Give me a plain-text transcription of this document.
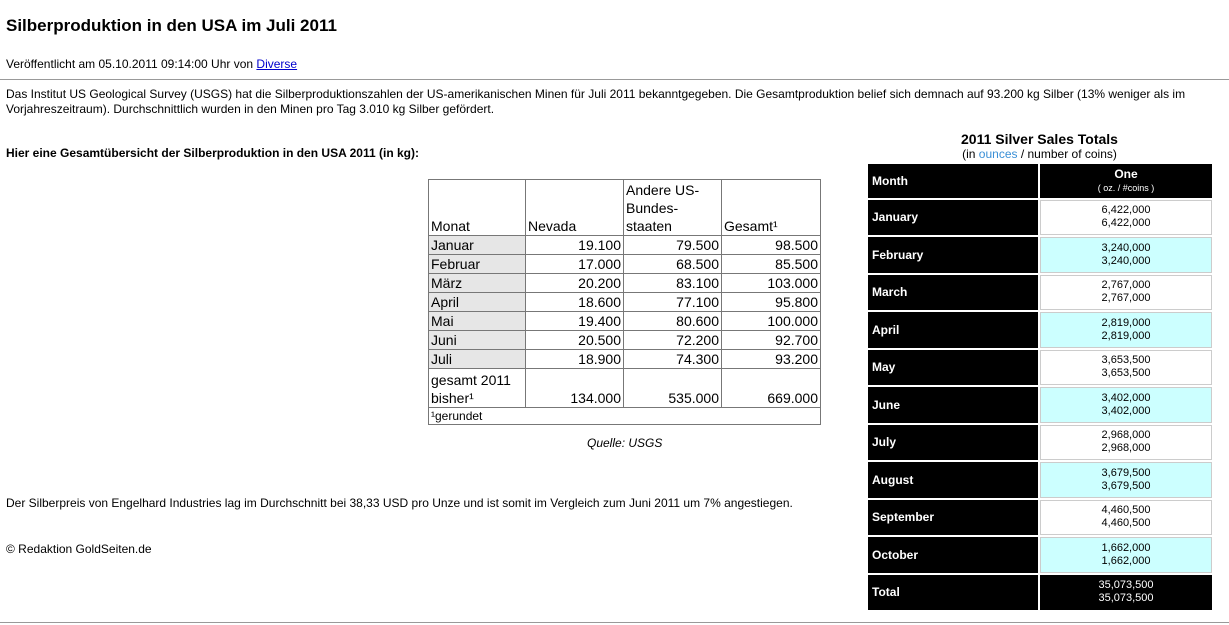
Silberproduktion in den USA im Juli 2011
Veröffentlicht am 05.10.2011 09:14:00 Uhr von Diverse

Das Institut US Geological Survey (USGS) hat die Silberproduktionszahlen der US-amerikanischen Minen für Juli 2011 bekanntgegeben. Die Gesamtproduktion belief sich demnach auf 93.200 kg Silber (13% weniger als im Vorjahreszeitraum). Durchschnittlich wurden in den Minen pro Tag 3.010 kg Silber gefördert.

Hier eine Gesamtübersicht der Silberproduktion in den USA 2011 (in kg):

Monat	Nevada	Andere US-Bundes-staaten	Gesamt¹
Januar	19.100	79.500	98.500
Februar	17.000	68.500	85.500
März	20.200	83.100	103.000
April	18.600	77.100	95.800
Mai	19.400	80.600	100.000
Juni	20.500	72.200	92.700
Juli	18.900	74.300	93.200
gesamt 2011 bisher¹	134.000	535.000	669.000
¹gerundet			

Quelle: USGS

Der Silberpreis von Engelhard Industries lag im Durchschnitt bei 38,33 USD pro Unze und ist somit im Vergleich zum Juni 2011 um 7% angestiegen.

© Redaktion GoldSeiten.de

2011 Silver Sales Totals

(in ounces / number of coins)

Month	One
( oz. / #coins )

January	6,422,000
6,422,000

February	3,240,000
3,240,000

March	2,767,000
2,767,000

April	2,819,000
2,819,000

May	3,653,500
3,653,500

June	3,402,000
3,402,000

July	2,968,000
2,968,000

August	3,679,500
3,679,500

September	4,460,500
4,460,500

October	1,662,000
1,662,000

Total	35,073,500
35,073,500
